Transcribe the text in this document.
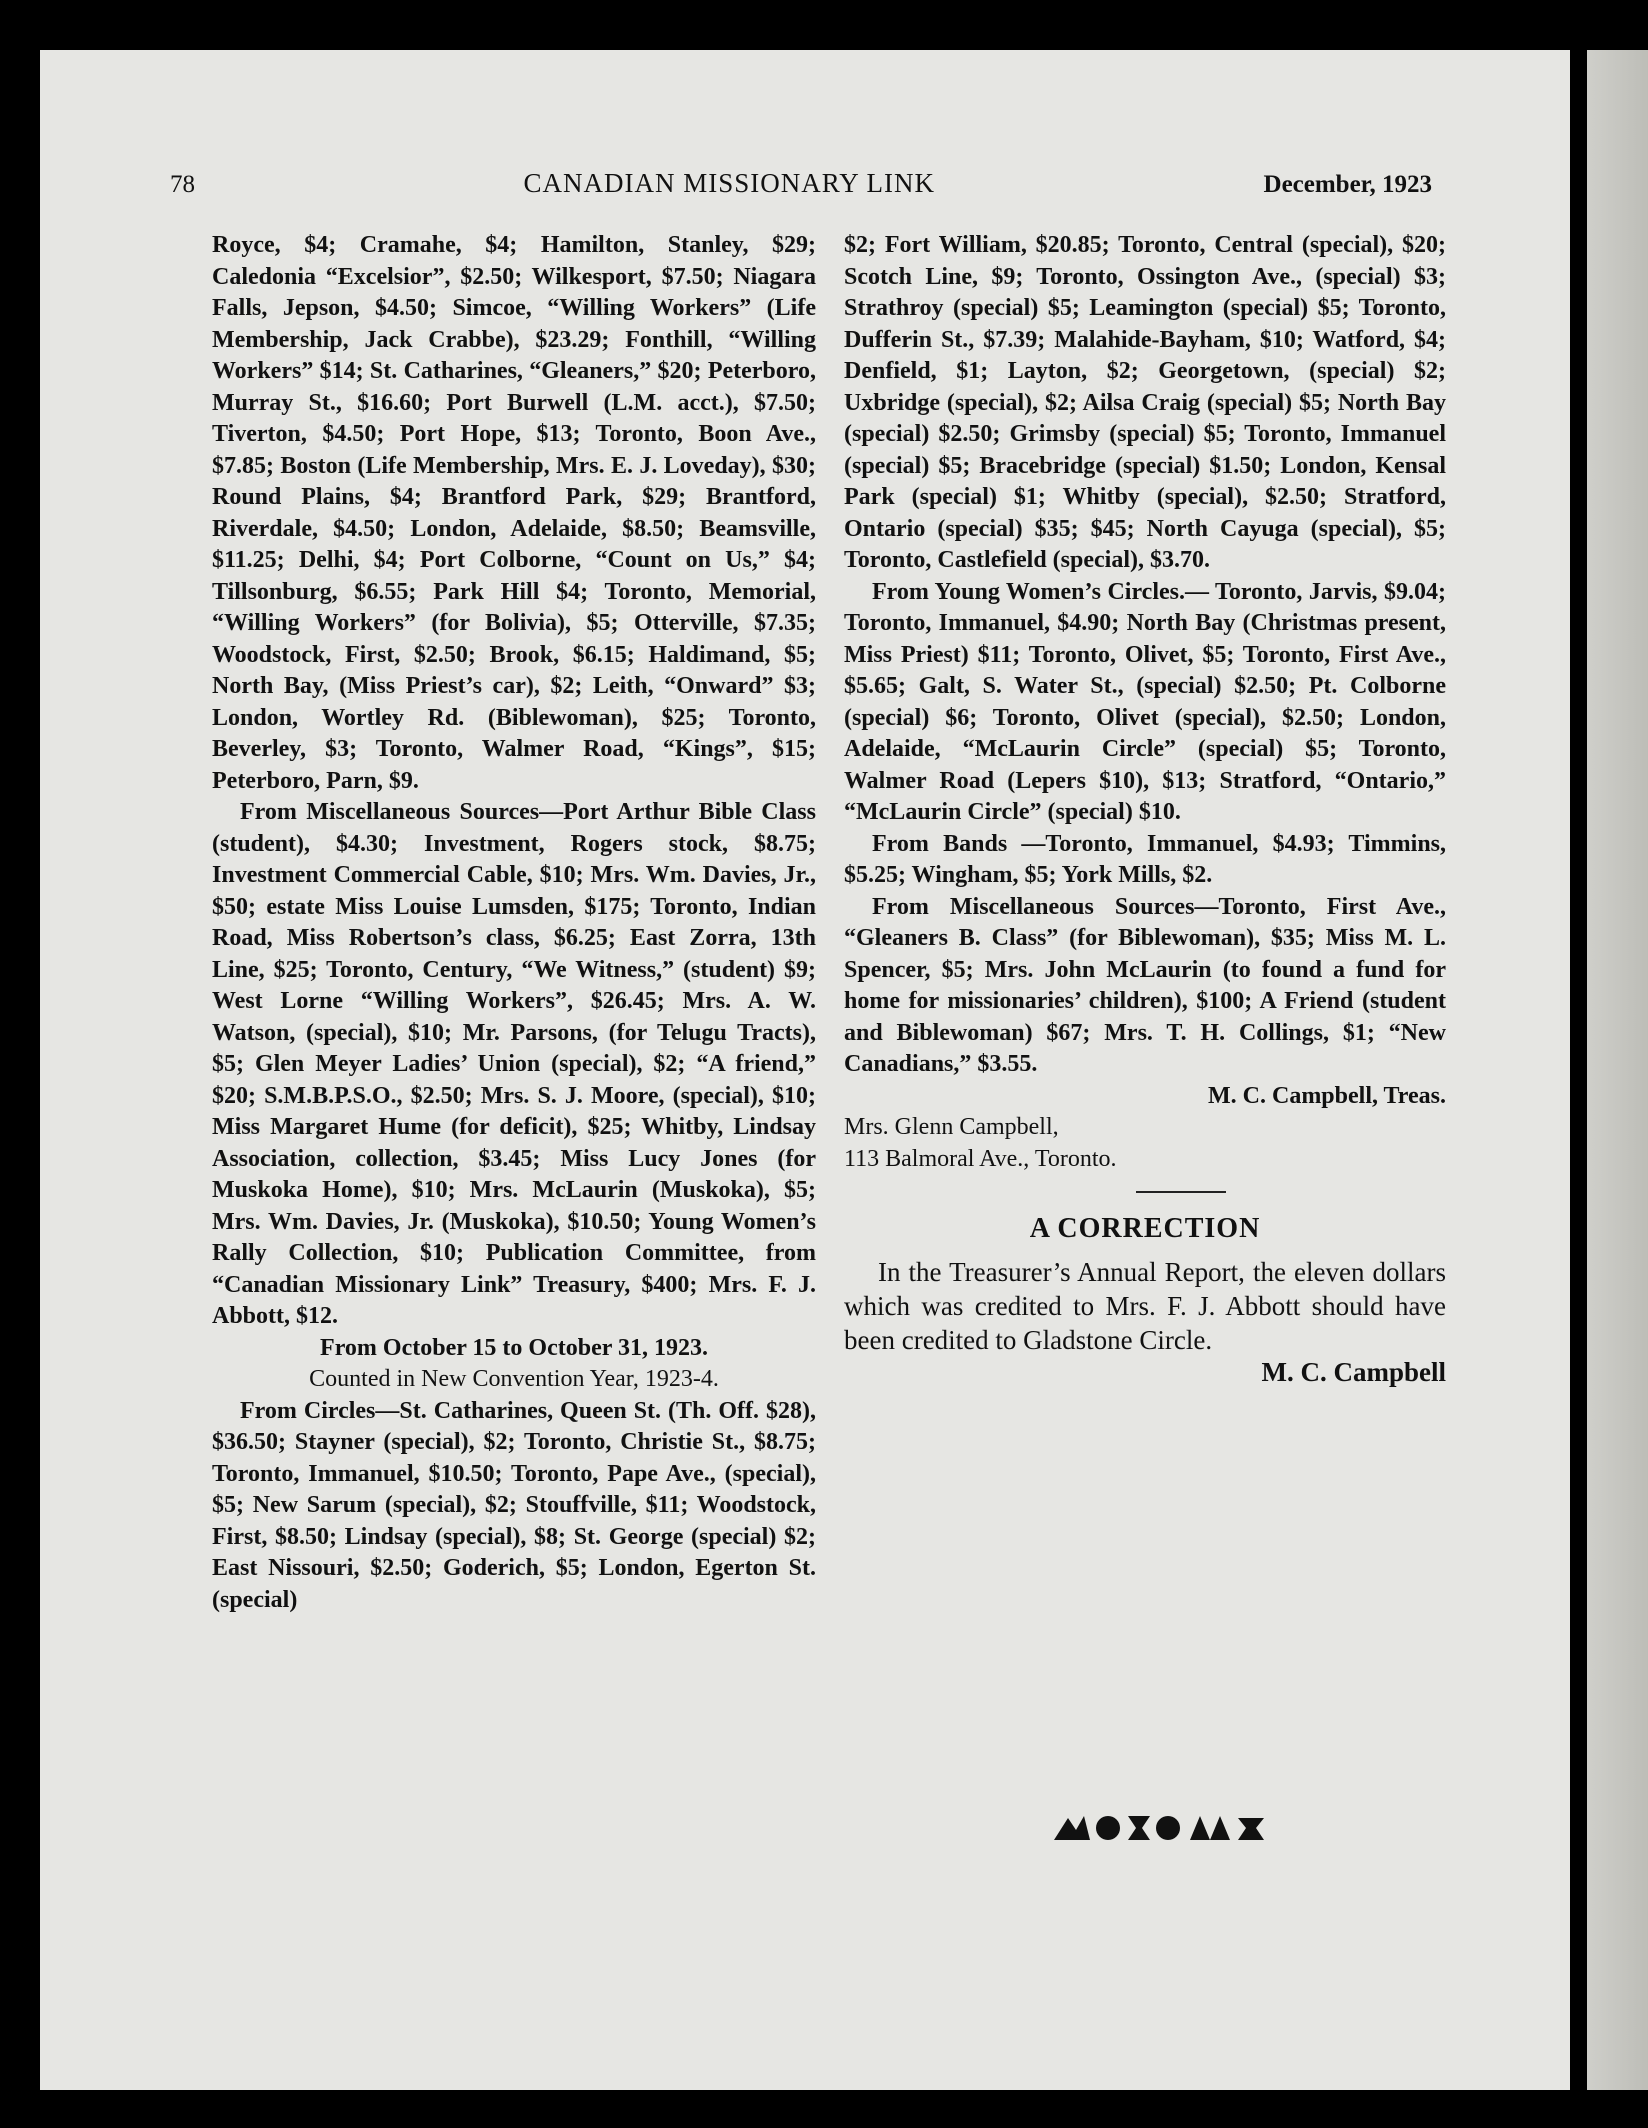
78	CANADIAN MISSIONARY LINK	December, 1923

Royce, $4; Cramahe, $4; Hamilton, Stanley, $29; Caledonia “Excelsior”, $2.50; Wilkesport, $7.50; Niagara Falls, Jepson, $4.50; Simcoe, “Willing Workers” (Life Membership, Jack Crabbe), $23.29; Fonthill, “Willing Workers” $14; St. Catharines, “Gleaners,” $20; Peterboro, Murray St., $16.60; Port Burwell (L.M. acct.), $7.50; Tiverton, $4.50; Port Hope, $13; Toronto, Boon Ave., $7.85; Boston (Life Membership, Mrs. E. J. Loveday), $30; Round Plains, $4; Brantford Park, $29; Brantford, Riverdale, $4.50; London, Adelaide, $8.50; Beamsville, $11.25; Delhi, $4; Port Colborne, “Count on Us,” $4; Tillsonburg, $6.55; Park Hill $4; Toronto, Memorial, “Willing Workers” (for Bolivia), $5; Otterville, $7.35; Woodstock, First, $2.50; Brook, $6.15; Haldimand, $5; North Bay, (Miss Priest’s car), $2; Leith, “Onward” $3; London, Wortley Rd. (Biblewoman), $25; Toronto, Beverley, $3; Toronto, Walmer Road, “Kings”, $15; Peterboro, Parn, $9.

From Miscellaneous Sources—Port Arthur Bible Class (student), $4.30; Investment, Rogers stock, $8.75; Investment Commercial Cable, $10; Mrs. Wm. Davies, Jr., $50; estate Miss Louise Lumsden, $175; Toronto, Indian Road, Miss Robertson’s class, $6.25; East Zorra, 13th Line, $25; Toronto, Century, “We Witness,” (student) $9; West Lorne “Willing Workers”, $26.45; Mrs. A. W. Watson, (special), $10; Mr. Parsons, (for Telugu Tracts), $5; Glen Meyer Ladies’ Union (special), $2; “A friend,” $20; S.M.B.P.S.O., $2.50; Mrs. S. J. Moore, (special), $10; Miss Margaret Hume (for deficit), $25; Whitby, Lindsay Association, collection, $3.45; Miss Lucy Jones (for Muskoka Home), $10; Mrs. McLaurin (Muskoka), $5; Mrs. Wm. Davies, Jr. (Muskoka), $10.50; Young Women’s Rally Collection, $10; Publication Committee, from “Canadian Missionary Link” Treasury, $400; Mrs. F. J. Abbott, $12.

From October 15 to October 31, 1923.

Counted in New Convention Year, 1923-4.

From Circles—St. Catharines, Queen St. (Th. Off. $28), $36.50; Stayner (special), $2; Toronto, Christie St., $8.75; Toronto, Immanuel, $10.50; Toronto, Pape Ave., (special), $5; New Sarum (special), $2; Stouffville, $11; Woodstock, First, $8.50; Lindsay (special), $8; St. George (special) $2; East Nissouri, $2.50; Goderich, $5; London, Egerton St. (special)

$2; Fort William, $20.85; Toronto, Central (special), $20; Scotch Line, $9; Toronto, Ossington Ave., (special) $3; Strathroy (special) $5; Leamington (special) $5; Toronto, Dufferin St., $7.39; Malahide-Bayham, $10; Watford, $4; Denfield, $1; Layton, $2; Georgetown, (special) $2; Uxbridge (special), $2; Ailsa Craig (special) $5; North Bay (special) $2.50; Grimsby (special) $5; Toronto, Immanuel (special) $5; Bracebridge (special) $1.50; London, Kensal Park (special) $1; Whitby (special), $2.50; Stratford, Ontario (special) $35; $45; North Cayuga (special), $5; Toronto, Castlefield (special), $3.70.

From Young Women’s Circles.— Toronto, Jarvis, $9.04; Toronto, Immanuel, $4.90; North Bay (Christmas present, Miss Priest) $11; Toronto, Olivet, $5; Toronto, First Ave., $5.65; Galt, S. Water St., (special) $2.50; Pt. Colborne (special) $6; Toronto, Olivet (special), $2.50; London, Adelaide, “McLaurin Circle” (special) $5; Toronto, Walmer Road (Lepers $10), $13; Stratford, “Ontario,” “McLaurin Circle” (special) $10.

From Bands —Toronto, Immanuel, $4.93; Timmins, $5.25; Wingham, $5; York Mills, $2.

From Miscellaneous Sources—Toronto, First Ave., “Gleaners B. Class” (for Biblewoman), $35; Miss M. L. Spencer, $5; Mrs. John McLaurin (to found a fund for home for missionaries’ children), $100; A Friend (student and Biblewoman) $67; Mrs. T. H. Collings, $1; “New Canadians,” $3.55.

M. C. Campbell, Treas.

Mrs. Glenn Campbell,

113 Balmoral Ave., Toronto.

A CORRECTION

In the Treasurer’s Annual Report, the eleven dollars which was credited to Mrs. F. J. Abbott should have been credited to Gladstone Circle.

M. C. Campbell
